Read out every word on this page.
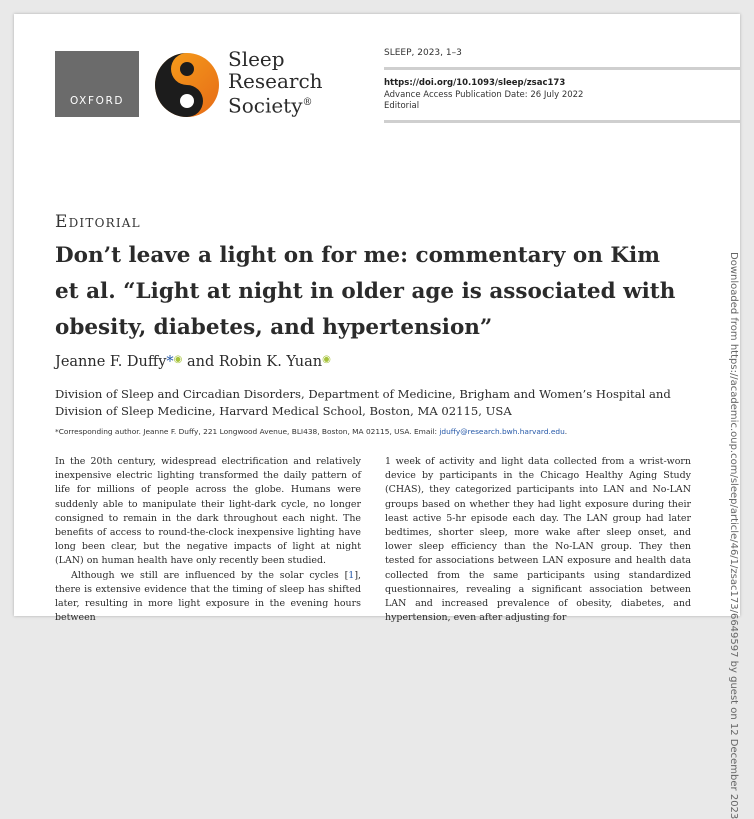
OXFORD
Sleep
Research
Society®
SLEEP, 2023, 1–3
https://doi.org/10.1093/sleep/zsac173
Advance Access Publication Date: 26 July 2022
Editorial
Editorial
Don’t leave a light on for me: commentary on Kim et al. “Light at night in older age is associated with obesity, diabetes, and hypertension”
Jeanne F. Duffy*◉ and Robin K. Yuan◉
Division of Sleep and Circadian Disorders, Department of Medicine, Brigham and Women’s Hospital and
Division of Sleep Medicine, Harvard Medical School, Boston, MA 02115, USA
*Corresponding author. Jeanne F. Duffy, 221 Longwood Avenue, BLI438, Boston, MA 02115, USA. Email: jduffy@research.bwh.harvard.edu.

In the 20th century, widespread electrification and relatively inexpensive electric lighting transformed the daily pattern of life for millions of people across the globe. Humans were suddenly able to manipulate their light-dark cycle, no longer consigned to remain in the dark throughout each night. The benefits of access to round-the-clock inexpensive lighting have long been clear, but the negative impacts of light at night (LAN) on human health have only recently been studied.

Although we still are influenced by the solar cycles [1], there is extensive evidence that the timing of sleep has shifted later, resulting in more light exposure in the evening hours between

1 week of activity and light data collected from a wrist-worn device by participants in the Chicago Healthy Aging Study (CHAS), they categorized participants into LAN and No-LAN groups based on whether they had light exposure during their least active 5-hr episode each day. The LAN group had later bedtimes, shorter sleep, more wake after sleep onset, and lower sleep efficiency than the No-LAN group. They then tested for associations between LAN exposure and health data collected from the same participants using standardized questionnaires, revealing a significant association between LAN and increased prevalence of obesity, diabetes, and hypertension, even after adjusting for	Downloaded from https://academic.oup.com/sleep/article/46/1/zsac173/6649597 by guest on 12 December 2023
